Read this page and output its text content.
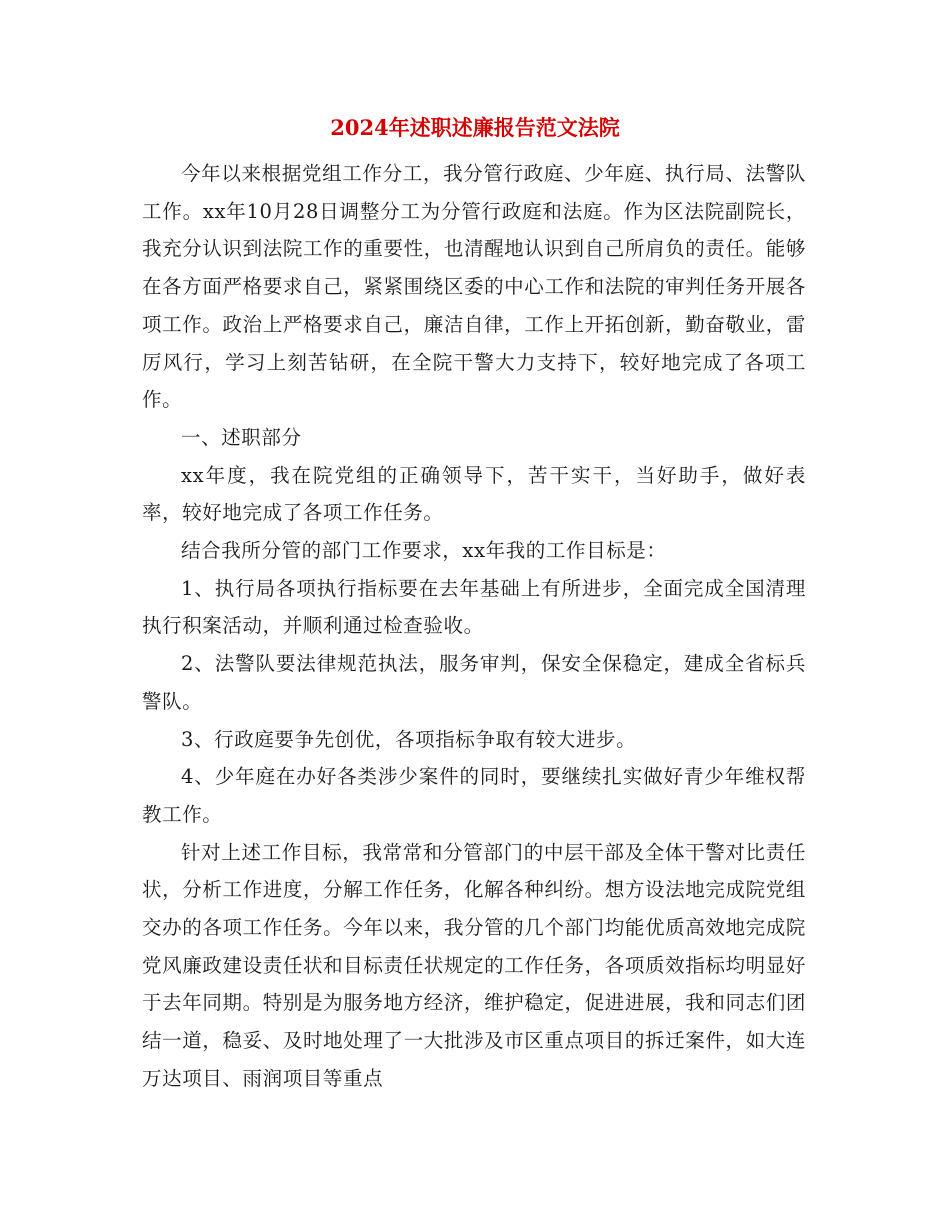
2024年述职述廉报告范文法院

今年以来根据党组工作分工，我分管行政庭、少年庭、执行局、法警队工作。xx年10月28日调整分工为分管行政庭和法庭。作为区法院副院长，我充分认识到法院工作的重要性，也清醒地认识到自己所肩负的责任。能够在各方面严格要求自己，紧紧围绕区委的中心工作和法院的审判任务开展各项工作。政治上严格要求自己，廉洁自律，工作上开拓创新，勤奋敬业，雷厉风行，学习上刻苦钻研，在全院干警大力支持下，较好地完成了各项工作。

一、述职部分

xx年度，我在院党组的正确领导下，苦干实干，当好助手，做好表率，较好地完成了各项工作任务。

结合我所分管的部门工作要求，xx年我的工作目标是：

1、执行局各项执行指标要在去年基础上有所进步，全面完成全国清理执行积案活动，并顺利通过检查验收。

2、法警队要法律规范执法，服务审判，保安全保稳定，建成全省标兵警队。

3、行政庭要争先创优，各项指标争取有较大进步。

4、少年庭在办好各类涉少案件的同时，要继续扎实做好青少年维权帮教工作。

针对上述工作目标，我常常和分管部门的中层干部及全体干警对比责任状，分析工作进度，分解工作任务，化解各种纠纷。想方设法地完成院党组交办的各项工作任务。今年以来，我分管的几个部门均能优质高效地完成院党风廉政建设责任状和目标责任状规定的工作任务，各项质效指标均明显好于去年同期。特别是为服务地方经济，维护稳定，促进进展，我和同志们团结一道，稳妥、及时地处理了一大批涉及市区重点项目的拆迁案件，如大连万达项目、雨润项目等重点
